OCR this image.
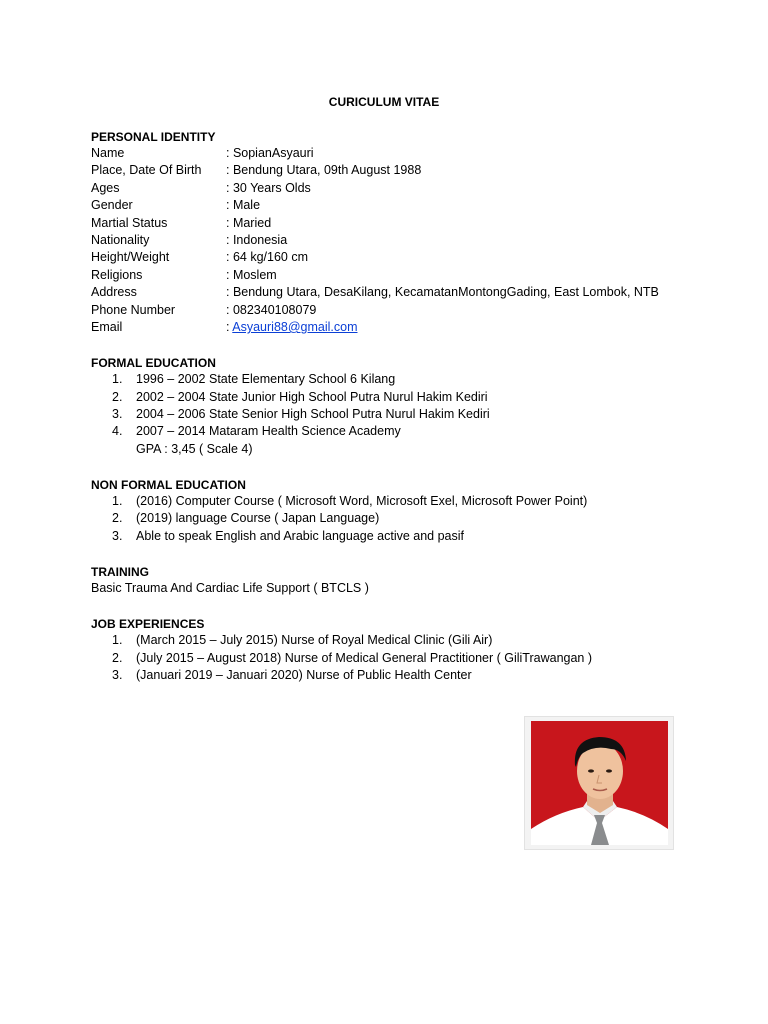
CURICULUM VITAE
PERSONAL IDENTITY
Name	: SopianAsyauri
Place, Date Of Birth : Bendung Utara, 09th August 1988
Ages	: 30 Years Olds
Gender	: Male
Martial Status	: Maried
Nationality	: Indonesia
Height/Weight	: 64 kg/160 cm
Religions	: Moslem
Address	: Bendung Utara, DesaKilang, KecamatanMontongGading, East Lombok, NTB
Phone Number	: 082340108079
Email	: Asyauri88@gmail.com
FORMAL EDUCATION
1. 1996 – 2002 State Elementary School 6 Kilang
2. 2002 – 2004 State Junior High School Putra Nurul Hakim Kediri
3. 2004 – 2006 State Senior High School Putra Nurul Hakim Kediri
4. 2007 – 2014 Mataram Health Science Academy
GPA : 3,45 ( Scale 4)
NON FORMAL EDUCATION
1. (2016) Computer Course ( Microsoft Word, Microsoft Exel, Microsoft Power Point)
2. (2019) language Course ( Japan Language)
3. Able to speak English and Arabic language active and pasif
TRAINING
Basic Trauma And Cardiac Life Support ( BTCLS )
JOB EXPERIENCES
1. (March 2015 – July 2015) Nurse of Royal Medical Clinic (Gili Air)
2. (July 2015 – August 2018) Nurse of Medical General Practitioner ( GiliTrawangan )
3. (Januari 2019 – Januari 2020) Nurse of Public Health Center
